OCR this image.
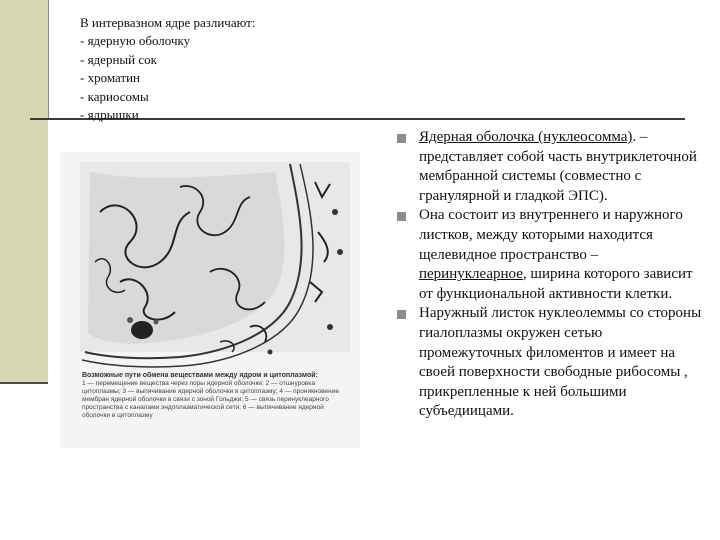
В интервазном ядре различают:
- ядерную оболочку
- ядерный сок
- хроматин
- кариосомы
- ядрышки
Возможные пути обмена веществами между ядром и цитоплазмой:
1 — перемещение вещества через поры ядерной оболочки; 2 — отшнуровка цитоплазмы; 3 — выпячивание ядерной оболочки в цитоплазму; 4 — проникновение мембран ядерной оболочки в связи с зоной Гольджи; 5 — связь перинуклеарного пространства с каналами эндоплазматической сети; 6 — выпячивание ядерной оболочки в цитоплазму
Ядерная оболочка (нуклеосомма). – представляет собой часть внутриклеточной мембранной системы (совместно с гранулярной и гладкой ЭПС).
Она состоит из внутреннего и наружного листков, между которыми находится щелевидное пространство – перинуклеарное, ширина которого зависит от функциональной активности клетки.
Наружный листок нуклеолеммы со стороны гиалоплазмы окружен сетью промежуточных филоментов и имеет на своей поверхности свободные рибосомы , прикрепленные к ней большими субъедиицами.
